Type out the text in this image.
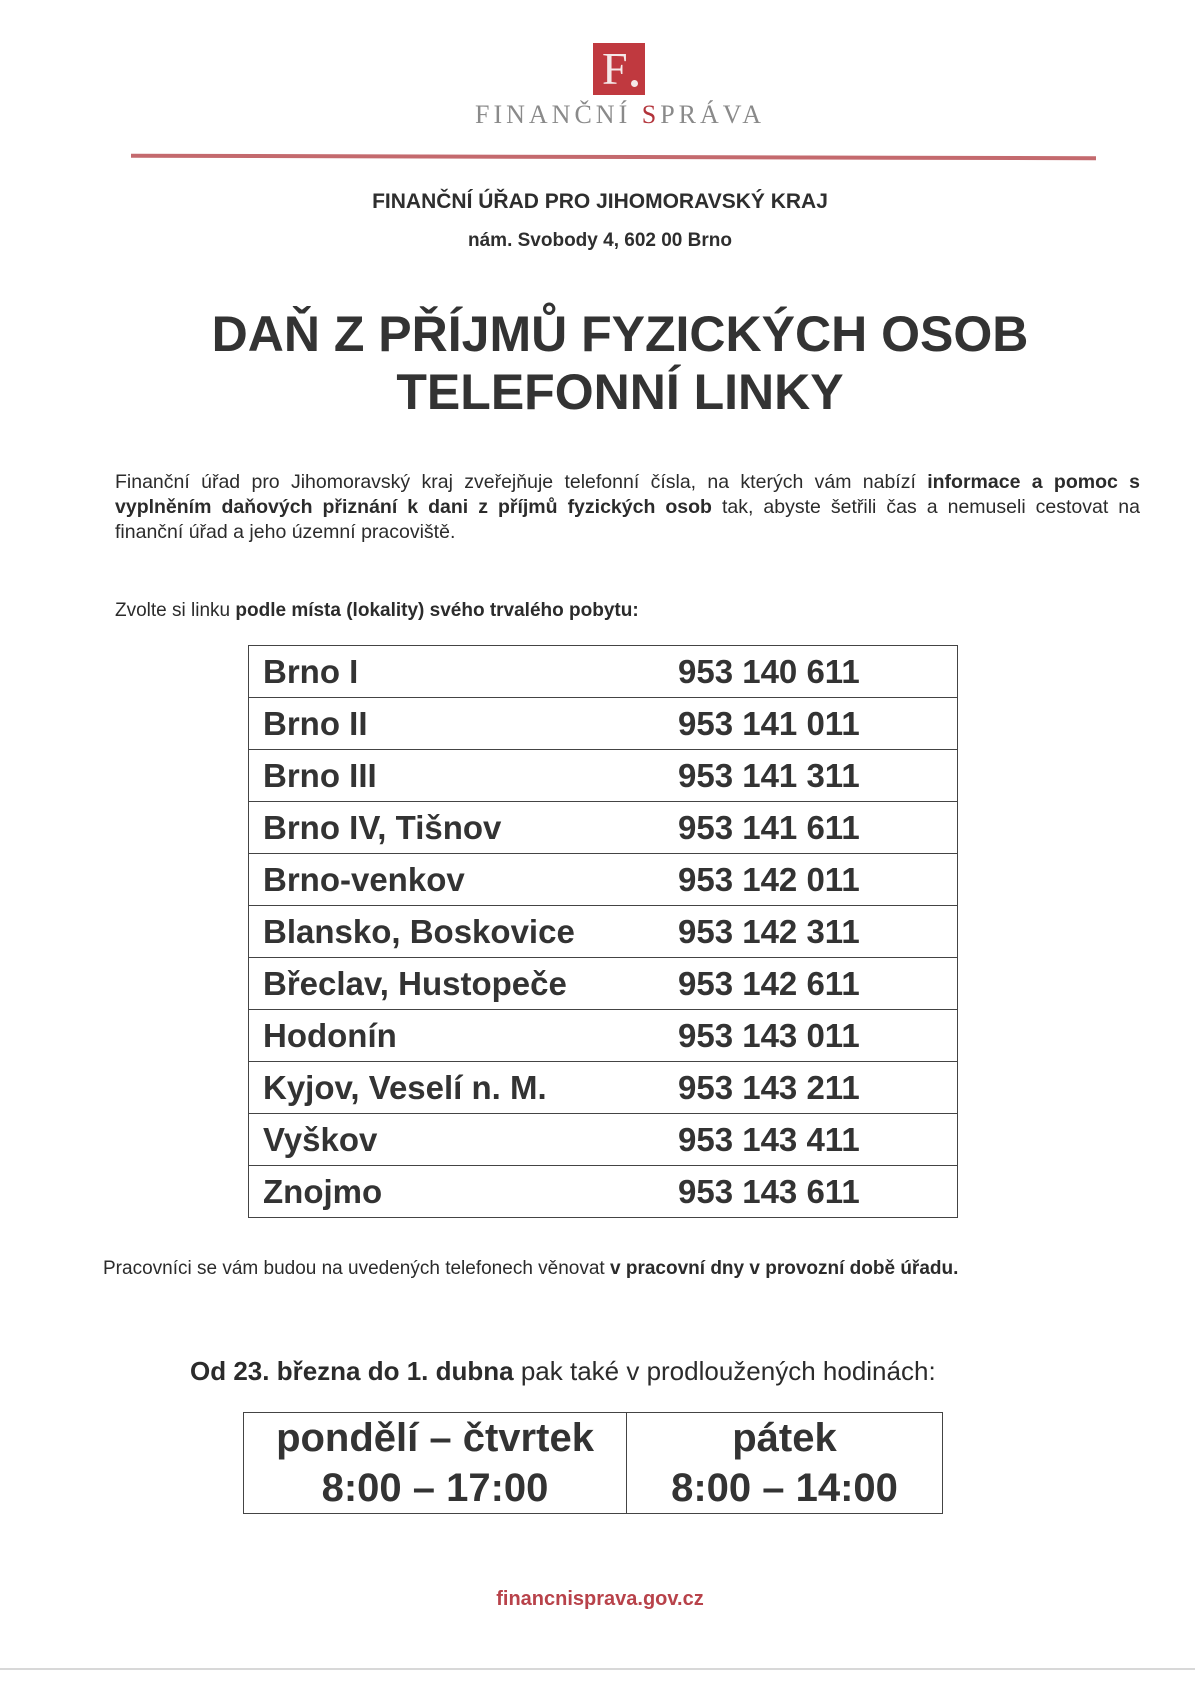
F
FINANČNÍ SPRÁVA
FINANČNÍ ÚŘAD PRO JIHOMORAVSKÝ KRAJ
nám. Svobody 4, 602 00 Brno
DAŇ Z PŘÍJMŮ FYZICKÝCH OSOB
TELEFONNÍ LINKY
Finanční úřad pro Jihomoravský kraj zveřejňuje telefonní čísla, na kterých vám nabízí informace a pomoc s vyplněním daňových přiznání k dani z příjmů fyzických osob tak, abyste šetřili čas a nemuseli cestovat na finanční úřad a jeho územní pracoviště.
Zvolte si linku podle místa (lokality) svého trvalého pobytu:
Brno I	953 140 611
Brno II	953 141 011
Brno III	953 141 311
Brno IV, Tišnov	953 141 611
Brno-venkov	953 142 011
Blansko, Boskovice	953 142 311
Břeclav, Hustopeče	953 142 611
Hodonín	953 143 011
Kyjov, Veselí n. M.	953 143 211
Vyškov	953 143 411
Znojmo	953 143 611
Pracovníci se vám budou na uvedených telefonech věnovat v pracovní dny v provozní době úřadu.
Od 23. března do 1. dubna pak také v prodloužených hodinách:
pondělí – čtvrtek
8:00 – 17:00

pátek
8:00 – 14:00
financnisprava.gov.cz
